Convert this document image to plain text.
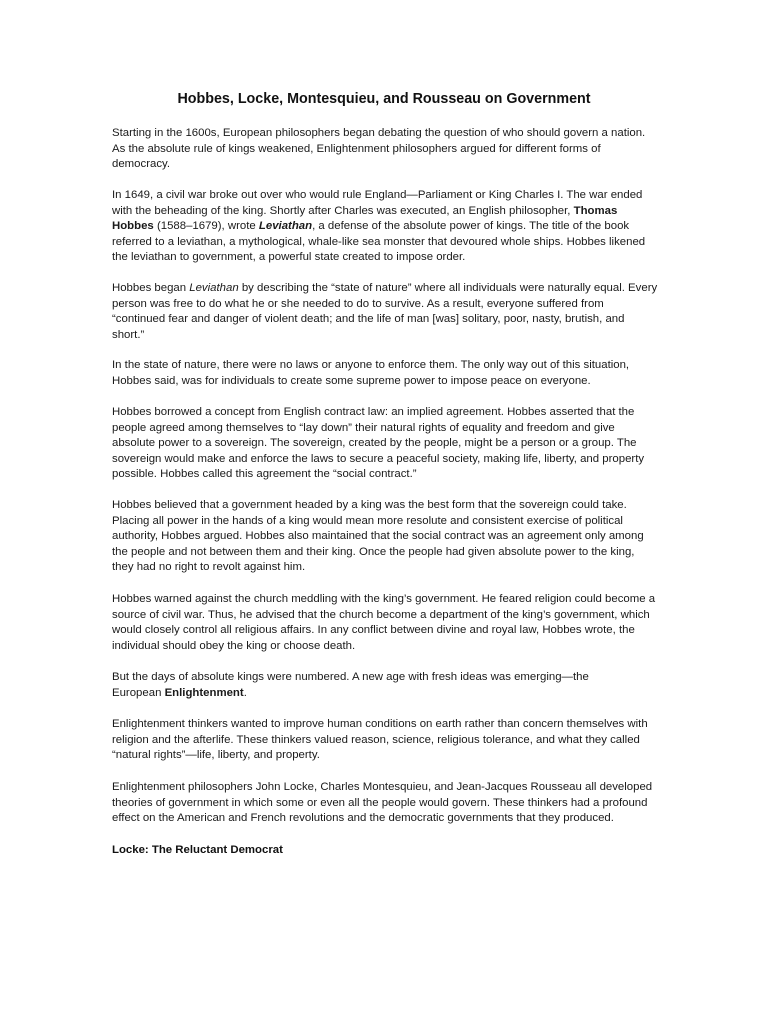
Hobbes, Locke, Montesquieu, and Rousseau on Government

Starting in the 1600s, European philosophers began debating the question of who should govern a nation.
As the absolute rule of kings weakened, Enlightenment philosophers argued for different forms of
democracy.

In 1649, a civil war broke out over who would rule England—Parliament or King Charles I. The war ended
with the beheading of the king. Shortly after Charles was executed, an English philosopher, Thomas
Hobbes (1588–1679), wrote Leviathan, a defense of the absolute power of kings. The title of the book
referred to a leviathan, a mythological, whale-like sea monster that devoured whole ships. Hobbes likened
the leviathan to government, a powerful state created to impose order.

Hobbes began Leviathan by describing the “state of nature” where all individuals were naturally equal. Every
person was free to do what he or she needed to do to survive. As a result, everyone suffered from
“continued fear and danger of violent death; and the life of man [was] solitary, poor, nasty, brutish, and
short.”

In the state of nature, there were no laws or anyone to enforce them. The only way out of this situation,
Hobbes said, was for individuals to create some supreme power to impose peace on everyone.

Hobbes borrowed a concept from English contract law: an implied agreement. Hobbes asserted that the
people agreed among themselves to “lay down” their natural rights of equality and freedom and give
absolute power to a sovereign. The sovereign, created by the people, might be a person or a group. The
sovereign would make and enforce the laws to secure a peaceful society, making life, liberty, and property
possible. Hobbes called this agreement the “social contract.”

Hobbes believed that a government headed by a king was the best form that the sovereign could take.
Placing all power in the hands of a king would mean more resolute and consistent exercise of political
authority, Hobbes argued. Hobbes also maintained that the social contract was an agreement only among
the people and not between them and their king. Once the people had given absolute power to the king,
they had no right to revolt against him.

Hobbes warned against the church meddling with the king’s government. He feared religion could become a
source of civil war. Thus, he advised that the church become a department of the king’s government, which
would closely control all religious affairs. In any conflict between divine and royal law, Hobbes wrote, the
individual should obey the king or choose death.

But the days of absolute kings were numbered. A new age with fresh ideas was emerging—the
European Enlightenment.

Enlightenment thinkers wanted to improve human conditions on earth rather than concern themselves with
religion and the afterlife. These thinkers valued reason, science, religious tolerance, and what they called
“natural rights”—life, liberty, and property.

Enlightenment philosophers John Locke, Charles Montesquieu, and Jean-Jacques Rousseau all developed
theories of government in which some or even all the people would govern. These thinkers had a profound
effect on the American and French revolutions and the democratic governments that they produced.

Locke: The Reluctant Democrat
